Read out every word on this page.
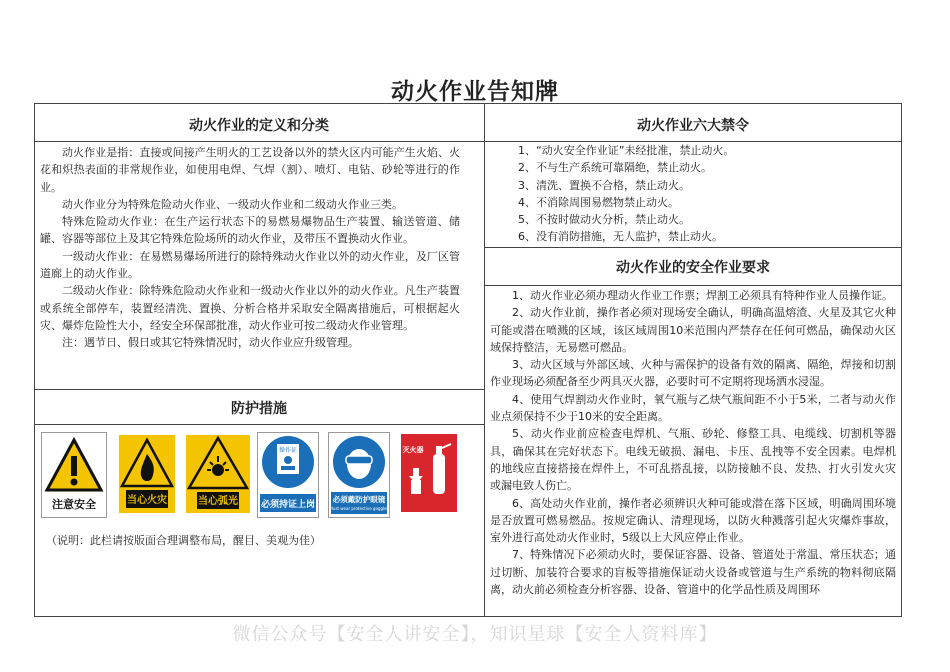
动火作业告知牌
动火作业的定义和分类

动火作业是指：直接或间接产生明火的工艺设备以外的禁火区内可能产生火焰、火花和炽热表面的非常规作业，如使用电焊、气焊（割）、喷灯、电钻、砂轮等进行的作业。

动火作业分为特殊危险动火作业、一级动火作业和二级动火作业三类。

特殊危险动火作业：在生产运行状态下的易燃易爆物品生产装置、输送管道、储罐、容器等部位上及其它特殊危险场所的动火作业，及带压不置换动火作业。

一级动火作业：在易燃易爆场所进行的除特殊动火作业以外的动火作业，及厂区管道廊上的动火作业。

二级动火作业：除特殊危险动火作业和一级动火作业以外的动火作业。凡生产装置或系统全部停车，装置经清洗、置换、分析合格并采取安全隔离措施后，可根据起火灾、爆炸危险性大小，经安全环保部批准，动火作业可按二级动火作业管理。

注：遇节日、假日或其它特殊情况时，动火作业应升级管理。

防护措施
注意安全	当心火灾	当心弧光
操作证
必须持证上岗
必须戴防护眼镜
Must wear protective goggles
灭火器
（说明：此栏请按版面合理调整布局，醒目、美观为佳）
动火作业六大禁令
1、“动火安全作业证”未经批准，禁止动火。
2、不与生产系统可靠隔绝，禁止动火。
3、清洗、置换不合格，禁止动火。
4、不消除周围易燃物禁止动火。
5、不按时做动火分析，禁止动火。
6、没有消防措施，无人监护，禁止动火。
动火作业的安全作业要求

1、动火作业必须办理动火作业工作票；焊割工必须具有特种作业人员操作证。

2、动火作业前，操作者必须对现场安全确认，明确高温熔渣、火星及其它火种可能或潜在喷溅的区域，该区域周围10米范围内严禁存在任何可燃品，确保动火区域保持整洁，无易燃可燃品。

3、动火区域与外部区域、火种与需保护的设备有效的隔离、隔绝，焊接和切割作业现场必须配备至少两具灭火器，必要时可不定期将现场洒水浸湿。

4、使用气焊割动火作业时，氧气瓶与乙炔气瓶间距不小于5米，二者与动火作业点须保持不少于10米的安全距离。

5、动火作业前应检查电焊机、气瓶、砂轮、修整工具、电缆线、切割机等器具，确保其在完好状态下。电线无破损、漏电、卡压、乱拽等不安全因素。电焊机的地线应直接搭接在焊件上，不可乱搭乱接，以防接触不良、发热、打火引发火灾或漏电致人伤亡。

6、高处动火作业前，操作者必须辨识火种可能或潜在落下区域，明确周围环境是否放置可燃易燃品。按规定确认、清理现场，以防火种溅落引起火灾爆炸事故，室外进行高处动火作业时，5级以上大风应停止作业。

7、特殊情况下必须动火时，要保证容器、设备、管道处于常温、常压状态；通过切断、加装符合要求的盲板等措施保证动火设备或管道与生产系统的物料彻底隔离，动火前必须检查分析容器、设备、管道中的化学品性质及周围环

微信公众号【安全人讲安全】，知识星球【安全人资料库】
